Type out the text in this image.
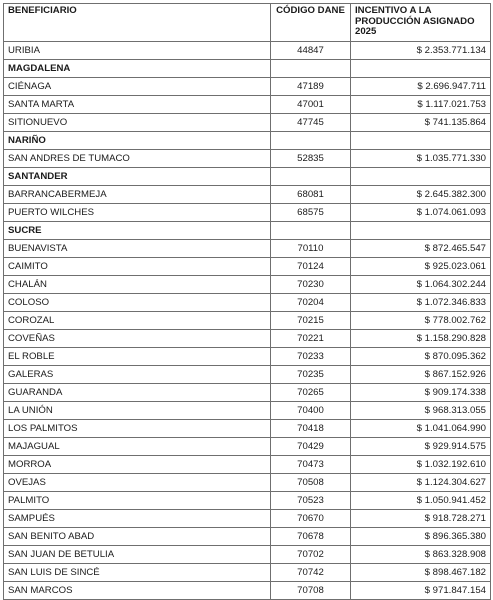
BENEFICIARIO	CÓDIGO DANE	INCENTIVO A LA PRODUCCIÓN ASIGNADO 2025
URIBIA	44847	$ 2.353.771.134
MAGDALENA		
CIÉNAGA	47189	$ 2.696.947.711
SANTA MARTA	47001	$ 1.117.021.753
SITIONUEVO	47745	$ 741.135.864
NARIÑO		
SAN ANDRES DE TUMACO	52835	$ 1.035.771.330
SANTANDER		
BARRANCABERMEJA	68081	$ 2.645.382.300
PUERTO WILCHES	68575	$ 1.074.061.093
SUCRE		
BUENAVISTA	70110	$ 872.465.547
CAIMITO	70124	$ 925.023.061
CHALÁN	70230	$ 1.064.302.244
COLOSO	70204	$ 1.072.346.833
COROZAL	70215	$ 778.002.762
COVEÑAS	70221	$ 1.158.290.828
EL ROBLE	70233	$ 870.095.362
GALERAS	70235	$ 867.152.926
GUARANDA	70265	$ 909.174.338
LA UNIÓN	70400	$ 968.313.055
LOS PALMITOS	70418	$ 1.041.064.990
MAJAGUAL	70429	$ 929.914.575
MORROA	70473	$ 1.032.192.610
OVEJAS	70508	$ 1.124.304.627
PALMITO	70523	$ 1.050.941.452
SAMPUÉS	70670	$ 918.728.271
SAN BENITO ABAD	70678	$ 896.365.380
SAN JUAN DE BETULIA	70702	$ 863.328.908
SAN LUIS DE SINCÉ	70742	$ 898.467.182
SAN MARCOS	70708	$ 971.847.154
